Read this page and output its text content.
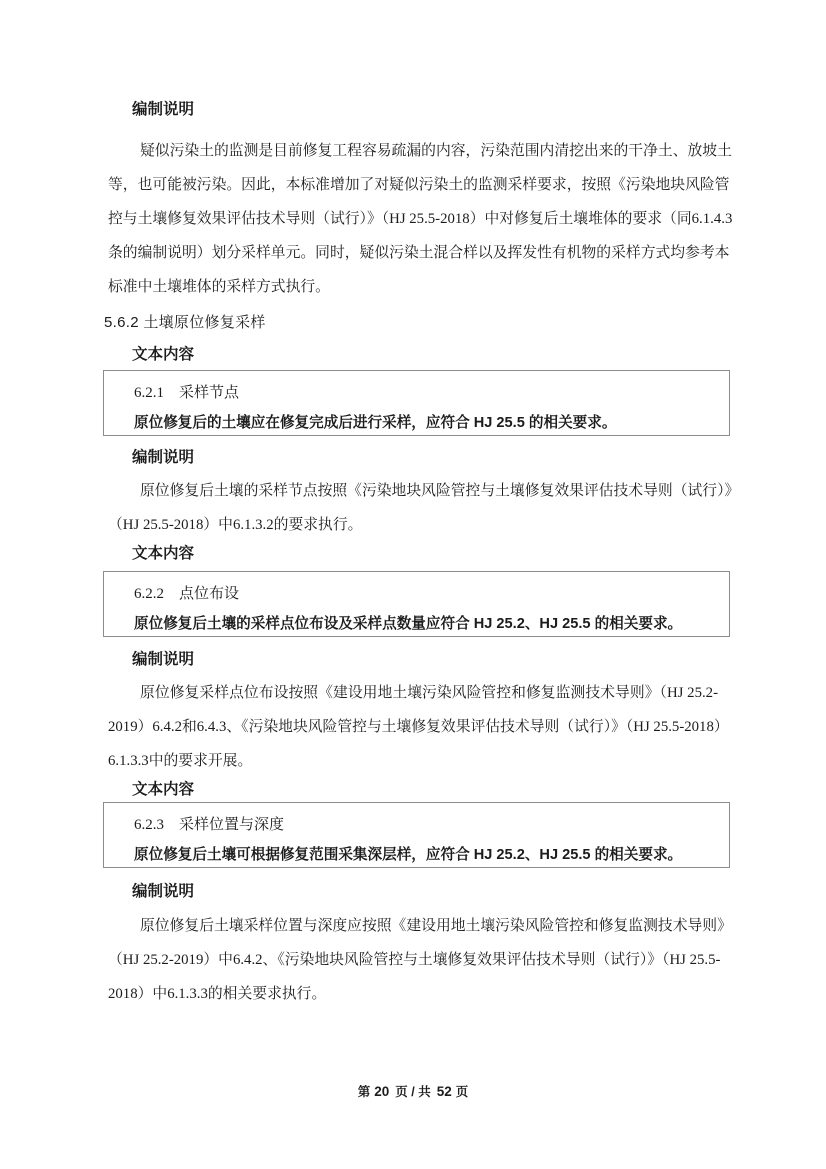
编制说明
疑似污染土的监测是目前修复工程容易疏漏的内容，污染范围内清挖出来的干净土、放坡土
等，也可能被污染。因此，本标准增加了对疑似污染土的监测采样要求，按照《污染地块风险管
控与土壤修复效果评估技术导则（试行）》（HJ 25.5-2018）中对修复后土壤堆体的要求（同6.1.4.3
条的编制说明）划分采样单元。同时，疑似污染土混合样以及挥发性有机物的采样方式均参考本
标准中土壤堆体的采样方式执行。
5.6.2 土壤原位修复采样
文本内容
6.2.1　采样节点
原位修复后的土壤应在修复完成后进行采样，应符合 HJ 25.5 的相关要求。
编制说明
原位修复后土壤的采样节点按照《污染地块风险管控与土壤修复效果评估技术导则（试行）》
（HJ 25.5-2018）中6.1.3.2的要求执行。
文本内容
6.2.2　点位布设
原位修复后土壤的采样点位布设及采样点数量应符合 HJ 25.2、HJ 25.5 的相关要求。
编制说明
原位修复采样点位布设按照《建设用地土壤污染风险管控和修复监测技术导则》（HJ 25.2-
2019）6.4.2和6.4.3、《污染地块风险管控与土壤修复效果评估技术导则（试行）》（HJ 25.5-2018）
6.1.3.3中的要求开展。
文本内容
6.2.3　采样位置与深度
原位修复后土壤可根据修复范围采集深层样，应符合 HJ 25.2、HJ 25.5 的相关要求。
编制说明
原位修复后土壤采样位置与深度应按照《建设用地土壤污染风险管控和修复监测技术导则》
（HJ 25.2-2019）中6.4.2、《污染地块风险管控与土壤修复效果评估技术导则（试行）》（HJ 25.5-
2018）中6.1.3.3的相关要求执行。
第 20 页 / 共 52 页
